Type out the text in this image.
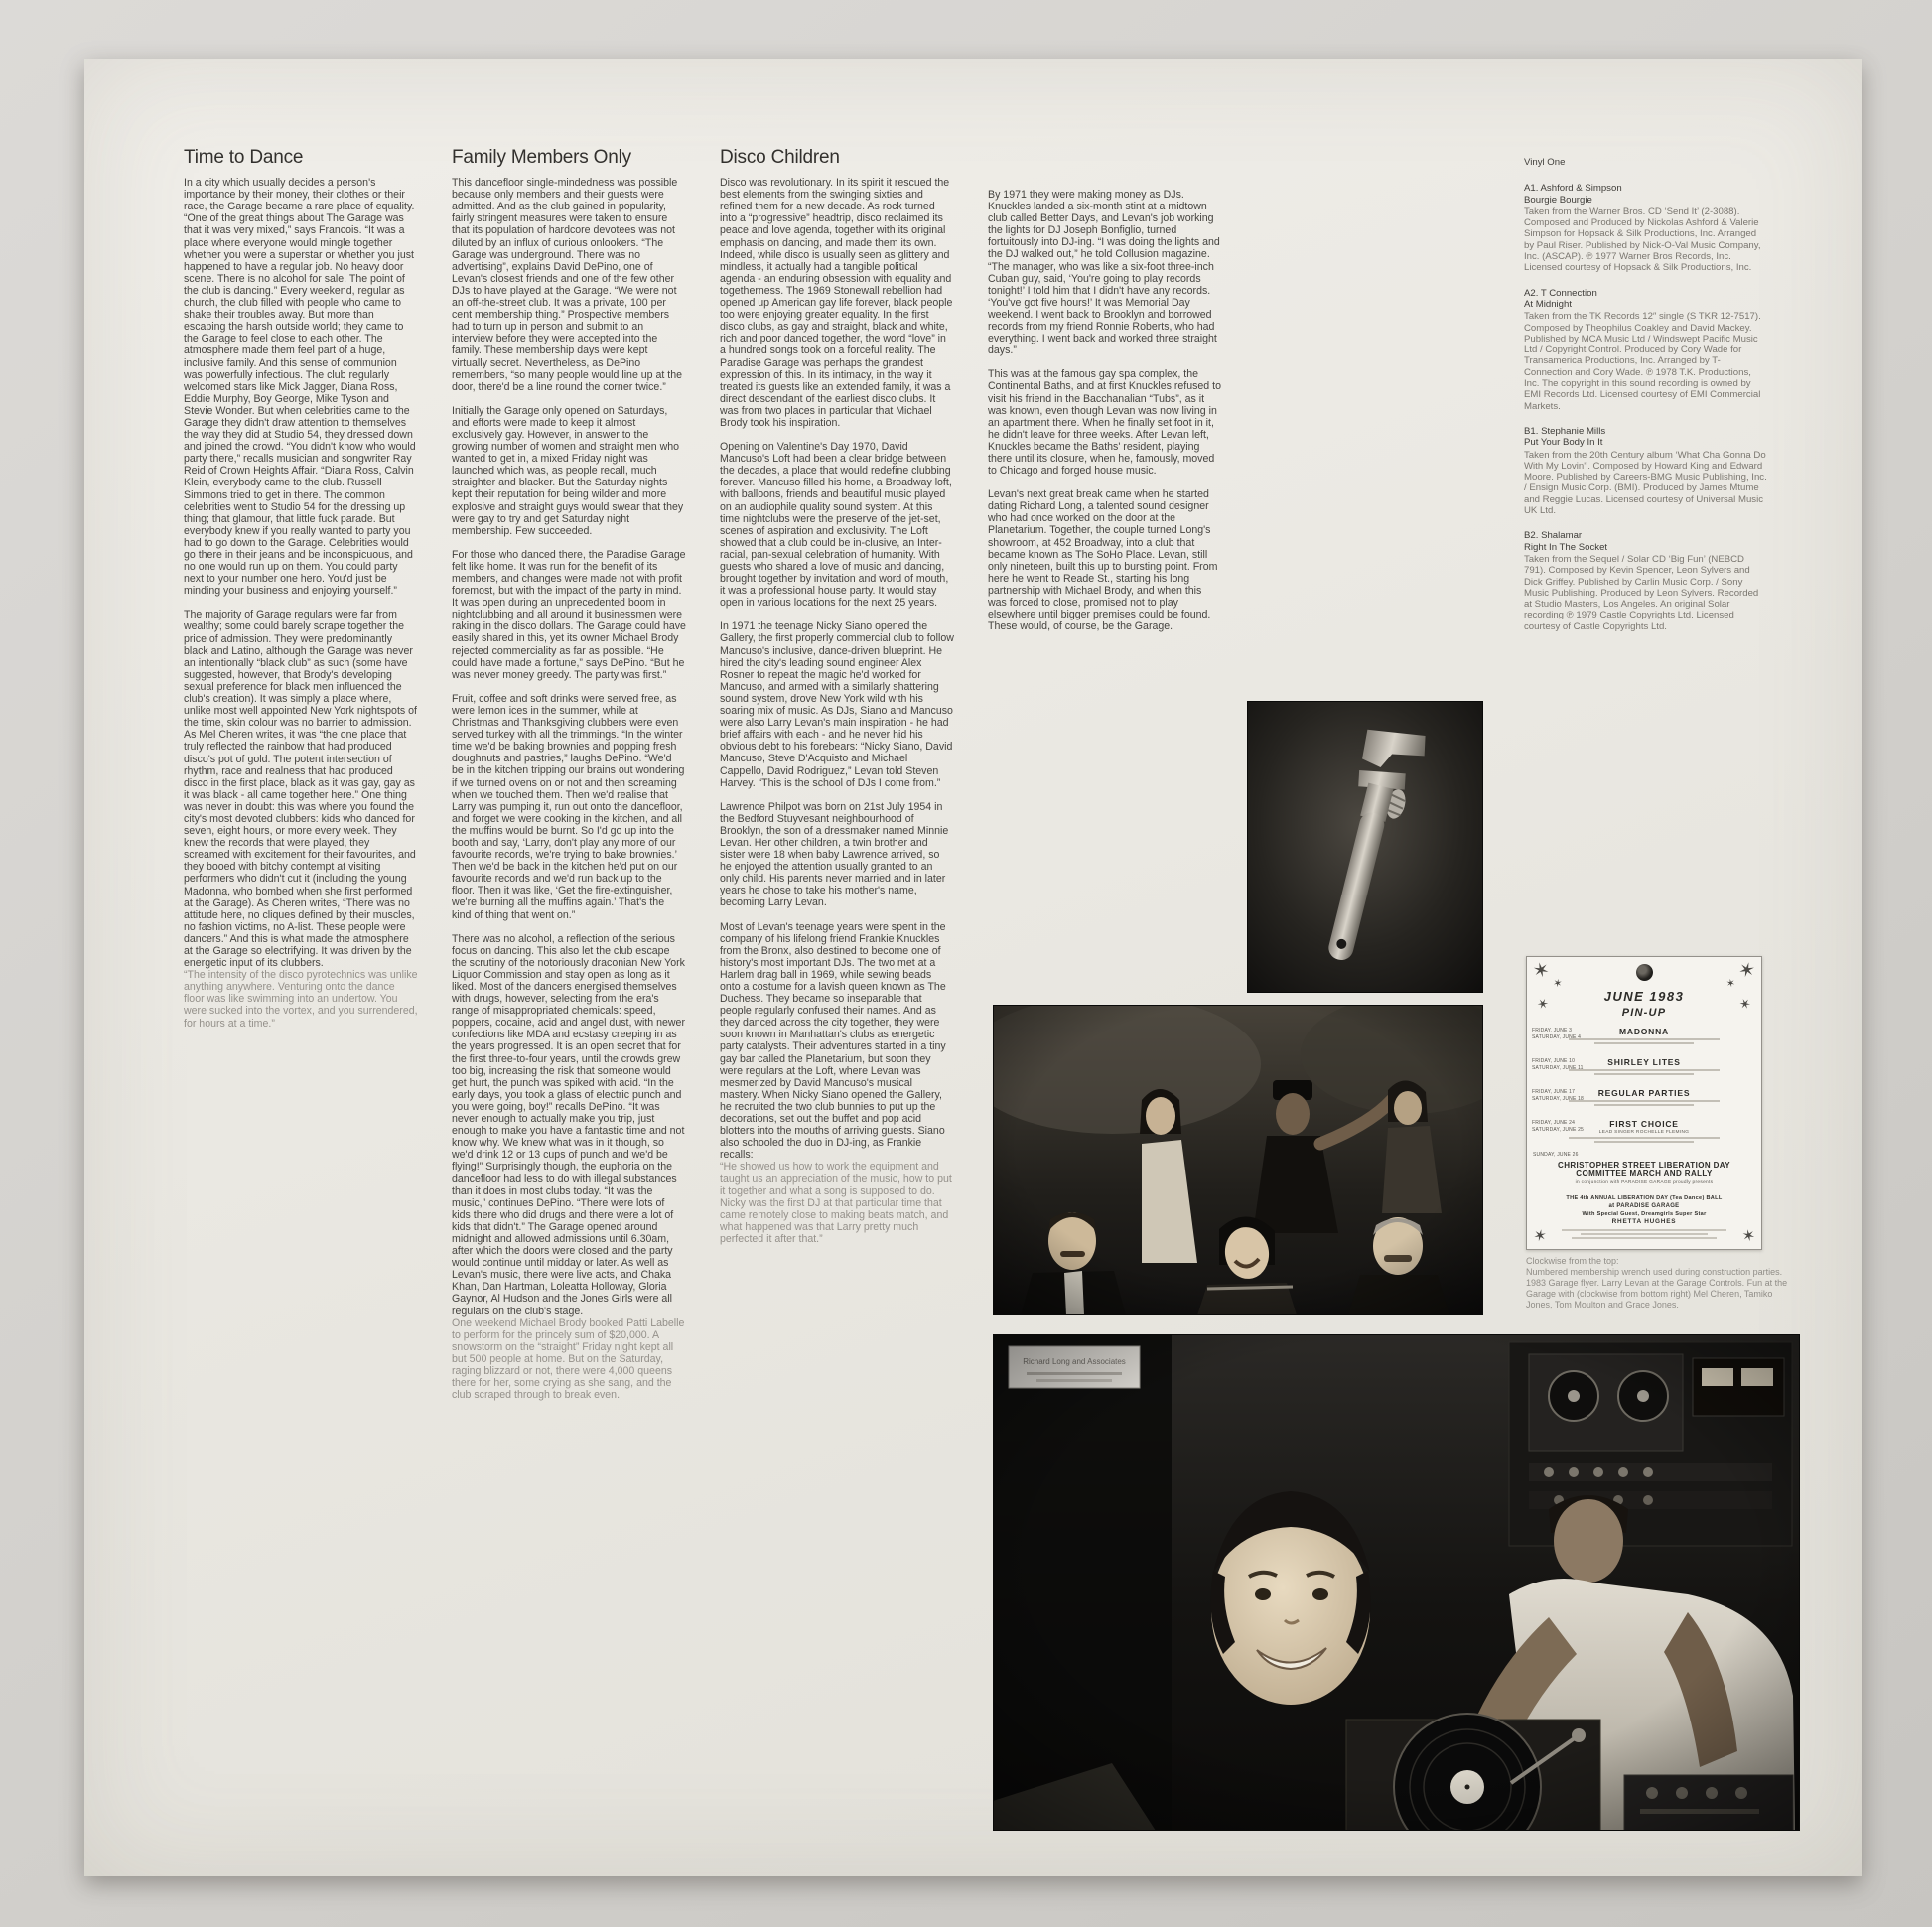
Time to Dance

In a city which usually decides a person's importance by their money, their clothes or their race, the Garage became a rare place of equality. “One of the great things about The Garage was that it was very mixed,” says Francois. “It was a place where everyone would mingle together whether you were a superstar or whether you just happened to have a regular job. No heavy door scene. There is no alcohol for sale. The point of the club is dancing.” Every weekend, regular as church, the club filled with people who came to shake their troubles away. But more than escaping the harsh outside world; they came to the Garage to feel close to each other. The atmosphere made them feel part of a huge, inclusive family. And this sense of communion was powerfully infectious. The club regularly welcomed stars like Mick Jagger, Diana Ross, Eddie Murphy, Boy George, Mike Tyson and Stevie Wonder. But when celebrities came to the Garage they didn't draw attention to themselves the way they did at Studio 54, they dressed down and joined the crowd. “You didn't know who would party there,” recalls musician and songwriter Ray Reid of Crown Heights Affair. “Diana Ross, Calvin Klein, everybody came to the club. Russell Simmons tried to get in there. The common celebrities went to Studio 54 for the dressing up thing; that glamour, that little fuck parade. But everybody knew if you really wanted to party you had to go down to the Garage. Celebrities would go there in their jeans and be inconspicuous, and no one would run up on them. You could party next to your number one hero. You'd just be minding your business and enjoying yourself.”

The majority of Garage regulars were far from wealthy; some could barely scrape together the price of admission. They were predominantly black and Latino, although the Garage was never an intentionally “black club” as such (some have suggested, however, that Brody's developing sexual preference for black men influenced the club's creation). It was simply a place where, unlike most well appointed New York nightspots of the time, skin colour was no barrier to admission. As Mel Cheren writes, it was “the one place that truly reflected the rainbow that had produced disco's pot of gold. The potent intersection of rhythm, race and realness that had produced disco in the first place, black as it was gay, gay as it was black - all came together here.” One thing was never in doubt: this was where you found the city's most devoted clubbers: kids who danced for seven, eight hours, or more every week. They knew the records that were played, they screamed with excitement for their favourites, and they booed with bitchy contempt at visiting performers who didn't cut it (including the young Madonna, who bombed when she first performed at the Garage). As Cheren writes, “There was no attitude here, no cliques defined by their muscles, no fashion victims, no A-list. These people were dancers.” And this is what made the atmosphere at the Garage so electrifying. It was driven by the energetic input of its clubbers.

“The intensity of the disco pyrotechnics was unlike anything anywhere. Venturing onto the dance floor was like swimming into an undertow. You were sucked into the vortex, and you surrendered, for hours at a time.”

Family Members Only

This dancefloor single-mindedness was possible because only members and their guests were admitted. And as the club gained in popularity, fairly stringent measures were taken to ensure that its population of hardcore devotees was not diluted by an influx of curious onlookers. “The Garage was underground. There was no advertising”, explains David DePino, one of Levan's closest friends and one of the few other DJs to have played at the Garage. “We were not an off-the-street club. It was a private, 100 per cent membership thing.” Prospective members had to turn up in person and submit to an interview before they were accepted into the family. These membership days were kept virtually secret. Nevertheless, as DePino remembers, “so many people would line up at the door, there'd be a line round the corner twice.”

Initially the Garage only opened on Saturdays, and efforts were made to keep it almost exclusively gay. However, in answer to the growing number of women and straight men who wanted to get in, a mixed Friday night was launched which was, as people recall, much straighter and blacker. But the Saturday nights kept their reputation for being wilder and more explosive and straight guys would swear that they were gay to try and get Saturday night membership. Few succeeded.

For those who danced there, the Paradise Garage felt like home. It was run for the benefit of its members, and changes were made not with profit foremost, but with the impact of the party in mind. It was open during an unprecedented boom in nightclubbing and all around it businessmen were raking in the disco dollars. The Garage could have easily shared in this, yet its owner Michael Brody rejected commerciality as far as possible. “He could have made a fortune,” says DePino. “But he was never money greedy. The party was first.”

Fruit, coffee and soft drinks were served free, as were lemon ices in the summer, while at Christmas and Thanksgiving clubbers were even served turkey with all the trimmings. “In the winter time we'd be baking brownies and popping fresh doughnuts and pastries,” laughs DePino. “We'd be in the kitchen tripping our brains out wondering if we turned ovens on or not and then screaming when we touched them. Then we'd realise that Larry was pumping it, run out onto the dancefloor, and forget we were cooking in the kitchen, and all the muffins would be burnt. So I'd go up into the booth and say, ‘Larry, don't play any more of our favourite records, we're trying to bake brownies.’ Then we'd be back in the kitchen he'd put on our favourite records and we'd run back up to the floor. Then it was like, ‘Get the fire-extinguisher, we're burning all the muffins again.’ That's the kind of thing that went on.”

There was no alcohol, a reflection of the serious focus on dancing. This also let the club escape the scrutiny of the notoriously draconian New York Liquor Commission and stay open as long as it liked. Most of the dancers energised themselves with drugs, however, selecting from the era's range of misappropriated chemicals: speed, poppers, cocaine, acid and angel dust, with newer confections like MDA and ecstasy creeping in as the years progressed. It is an open secret that for the first three-to-four years, until the crowds grew too big, increasing the risk that someone would get hurt, the punch was spiked with acid. “In the early days, you took a glass of electric punch and you were going, boy!” recalls DePino. “It was never enough to actually make you trip, just enough to make you have a fantastic time and not know why. We knew what was in it though, so we'd drink 12 or 13 cups of punch and we'd be flying!” Surprisingly though, the euphoria on the dancefloor had less to do with illegal substances than it does in most clubs today. “It was the music,” continues DePino. “There were lots of kids there who did drugs and there were a lot of kids that didn't.” The Garage opened around midnight and allowed admissions until 6.30am, after which the doors were closed and the party would continue until midday or later. As well as Levan's music, there were live acts, and Chaka Khan, Dan Hartman, Loleatta Holloway, Gloria Gaynor, Al Hudson and the Jones Girls were all regulars on the club's stage.

One weekend Michael Brody booked Patti Labelle to perform for the princely sum of $20,000. A snowstorm on the “straight” Friday night kept all but 500 people at home. But on the Saturday, raging blizzard or not, there were 4,000 queens there for her, some crying as she sang, and the club scraped through to break even.

Disco Children

Disco was revolutionary. In its spirit it rescued the best elements from the swinging sixties and refined them for a new decade. As rock turned into a “progressive” headtrip, disco reclaimed its peace and love agenda, together with its original emphasis on dancing, and made them its own. Indeed, while disco is usually seen as glittery and mindless, it actually had a tangible political agenda - an enduring obsession with equality and togetherness. The 1969 Stonewall rebellion had opened up American gay life forever, black people too were enjoying greater equality. In the first disco clubs, as gay and straight, black and white, rich and poor danced together, the word “love” in a hundred songs took on a forceful reality. The Paradise Garage was perhaps the grandest expression of this. In its intimacy, in the way it treated its guests like an extended family, it was a direct descendant of the earliest disco clubs. It was from two places in particular that Michael Brody took his inspiration.

Opening on Valentine's Day 1970, David Mancuso's Loft had been a clear bridge between the decades, a place that would redefine clubbing forever. Mancuso filled his home, a Broadway loft, with balloons, friends and beautiful music played on an audiophile quality sound system. At this time nightclubs were the preserve of the jet-set, scenes of aspiration and exclusivity. The Loft showed that a club could be in-clusive, an Inter-racial, pan-sexual celebration of humanity. With guests who shared a love of music and dancing, brought together by invitation and word of mouth, it was a professional house party. It would stay open in various locations for the next 25 years.

In 1971 the teenage Nicky Siano opened the Gallery, the first properly commercial club to follow Mancuso's inclusive, dance-driven blueprint. He hired the city's leading sound engineer Alex Rosner to repeat the magic he'd worked for Mancuso, and armed with a similarly shattering sound system, drove New York wild with his soaring mix of music. As DJs, Siano and Mancuso were also Larry Levan's main inspiration - he had brief affairs with each - and he never hid his obvious debt to his forebears: “Nicky Siano, David Mancuso, Steve D'Acquisto and Michael Cappello, David Rodriguez,” Levan told Steven Harvey. “This is the school of DJs I come from.”

Lawrence Philpot was born on 21st July 1954 in the Bedford Stuyvesant neighbourhood of Brooklyn, the son of a dressmaker named Minnie Levan. Her other children, a twin brother and sister were 18 when baby Lawrence arrived, so he enjoyed the attention usually granted to an only child. His parents never married and in later years he chose to take his mother's name, becoming Larry Levan.

Most of Levan's teenage years were spent in the company of his lifelong friend Frankie Knuckles from the Bronx, also destined to become one of history's most important DJs. The two met at a Harlem drag ball in 1969, while sewing beads onto a costume for a lavish queen known as The Duchess. They became so inseparable that people regularly confused their names. And as they danced across the city together, they were soon known in Manhattan's clubs as energetic party catalysts. Their adventures started in a tiny gay bar called the Planetarium, but soon they were regulars at the Loft, where Levan was mesmerized by David Mancuso's musical mastery. When Nicky Siano opened the Gallery, he recruited the two club bunnies to put up the decorations, set out the buffet and pop acid blotters into the mouths of arriving guests. Siano also schooled the duo in DJ-ing, as Frankie recalls:

“He showed us how to work the equipment and taught us an appreciation of the music, how to put it together and what a song is supposed to do. Nicky was the first DJ at that particular time that came remotely close to making beats match, and what happened was that Larry pretty much perfected it after that.”

By 1971 they were making money as DJs. Knuckles landed a six-month stint at a midtown club called Better Days, and Levan's job working the lights for DJ Joseph Bonfiglio, turned fortuitously into DJ-ing. “I was doing the lights and the DJ walked out,” he told Collusion magazine. “The manager, who was like a six-foot three-inch Cuban guy, said, ‘You're going to play records tonight!’ I told him that I didn't have any records. ‘You've got five hours!’ It was Memorial Day weekend. I went back to Brooklyn and borrowed records from my friend Ronnie Roberts, who had everything. I went back and worked three straight days.”

This was at the famous gay spa complex, the Continental Baths, and at first Knuckles refused to visit his friend in the Bacchanalian “Tubs”, as it was known, even though Levan was now living in an apartment there. When he finally set foot in it, he didn't leave for three weeks. After Levan left, Knuckles became the Baths' resident, playing there until its closure, when he, famously, moved to Chicago and forged house music.

Levan's next great break came when he started dating Richard Long, a talented sound designer who had once worked on the door at the Planetarium. Together, the couple turned Long's showroom, at 452 Broadway, into a club that became known as The SoHo Place. Levan, still only nineteen, built this up to bursting point. From here he went to Reade St., starting his long partnership with Michael Brody, and when this was forced to close, promised not to play elsewhere until bigger premises could be found. These would, of course, be the Garage.

Vinyl One
A1. Ashford & Simpson
Bourgie Bourgie
Taken from the Warner Bros. CD ‘Send It’ (2-3088). Composed and Produced by Nickolas Ashford & Valerie Simpson for Hopsack & Silk Productions, Inc. Arranged by Paul Riser. Published by Nick-O-Val Music Company, Inc. (ASCAP). ℗ 1977 Warner Bros Records, Inc. Licensed courtesy of Hopsack & Silk Productions, Inc.
A2. T Connection
At Midnight
Taken from the TK Records 12″ single (S TKR 12-7517). Composed by Theophilus Coakley and David Mackey. Published by MCA Music Ltd / Windswept Pacific Music Ltd / Copyright Control. Produced by Cory Wade for Transamerica Productions, Inc. Arranged by T-Connection and Cory Wade. ℗ 1978 T.K. Productions, Inc. The copyright in this sound recording is owned by EMI Records Ltd. Licensed courtesy of EMI Commercial Markets.
B1. Stephanie Mills
Put Your Body In It
Taken from the 20th Century album ‘What Cha Gonna Do With My Lovin'’. Composed by Howard King and Edward Moore. Published by Careers-BMG Music Publishing, Inc. / Ensign Music Corp. (BMI). Produced by James Mtume and Reggie Lucas. Licensed courtesy of Universal Music UK Ltd.
B2. Shalamar
Right In The Socket
Taken from the Sequel / Solar CD ‘Big Fun’ (NEBCD 791). Composed by Kevin Spencer, Leon Sylvers and Dick Griffey. Published by Carlin Music Corp. / Sony Music Publishing. Produced by Leon Sylvers. Recorded at Studio Masters, Los Angeles. An original Solar recording ℗ 1979 Castle Copyrights Ltd. Licensed courtesy of Castle Copyrights Ltd.
✶
✶
✶
✶
✶
✶
✶	✶
JUNE 1983
PIN-UP
FRIDAY, JUNE 3
SATURDAY, JUNE 4
MADONNA
FRIDAY, JUNE 10
SATURDAY, JUNE 11
SHIRLEY LITES
FRIDAY, JUNE 17
SATURDAY, JUNE 18
REGULAR PARTIES
FRIDAY, JUNE 24
SATURDAY, JUNE 25
FIRST CHOICE
LEAD SINGER ROCHELLE FLEMING
SUNDAY, JUNE 26
CHRISTOPHER STREET LIBERATION DAY COMMITTEE MARCH AND RALLY
in conjunction with PARADISE GARAGE proudly presents
THE 4th ANNUAL LIBERATION DAY (Tea Dance) BALL
at PARADISE GARAGE
With Special Guest, Dreamgirls Super Star
RHETTA HUGHES
Clockwise from the top:
Numbered membership wrench used during construction parties. 1983 Garage flyer. Larry Levan at the Garage Controls. Fun at the Garage with (clockwise from bottom right) Mel Cheren, Tamiko Jones, Tom Moulton and Grace Jones.
